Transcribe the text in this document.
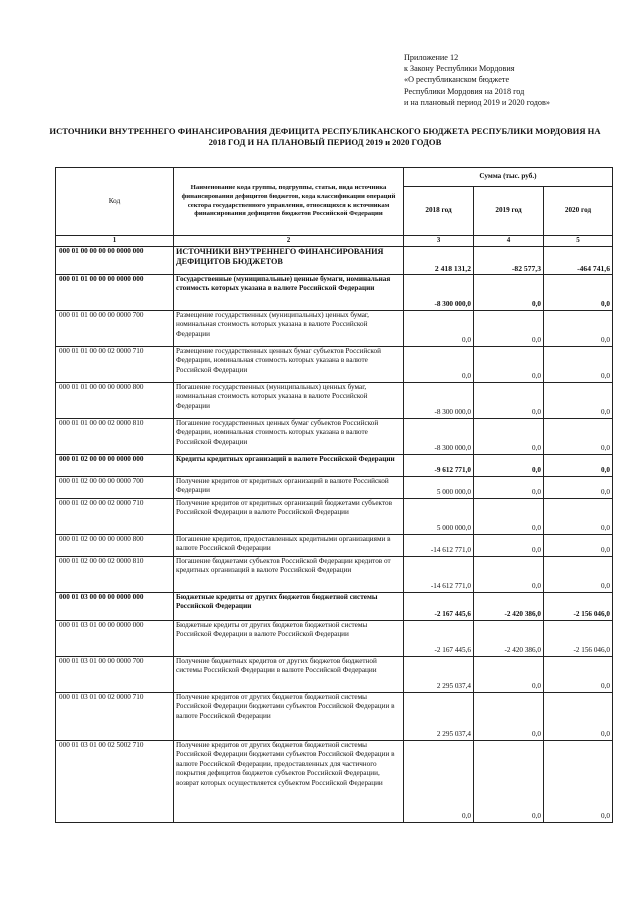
Приложение 12
к Закону Республики Мордовия
«О республиканском бюджете
Республики Мордовия на 2018 год
и на плановый период 2019 и 2020 годов»
ИСТОЧНИКИ ВНУТРЕННЕГО ФИНАНСИРОВАНИЯ ДЕФИЦИТА РЕСПУБЛИКАНСКОГО БЮДЖЕТА РЕСПУБЛИКИ МОРДОВИЯ НА 2018 ГОД И НА ПЛАНОВЫЙ ПЕРИОД 2019 и 2020 ГОДОВ
Код	Наименование кода группы, подгруппы, статьи, вида источника финансирования дефицитов бюджетов, кода классификации операций сектора государственного управления, относящихся к источникам финансирования дефицитов бюджетов Российской Федерации	Сумма (тыс. руб.)		
		2018 год	2019 год	2020 год
1	2	3	4	5
000 01 00 00 00 00 0000 000	ИСТОЧНИКИ ВНУТРЕННЕГО ФИНАНСИРОВАНИЯ ДЕФИЦИТОВ БЮДЖЕТОВ	2 418 131,2	-82 577,3	-464 741,6
000 01 01 00 00 00 0000 000	Государственные (муниципальные) ценные бумаги, номинальная стоимость которых указана в валюте Российской Федерации	-8 300 000,0	0,0	0,0
000 01 01 00 00 00 0000 700	Размещение государственных (муниципальных) ценных бумаг, номинальная стоимость которых указана в валюте Российской Федерации	0,0	0,0	0,0
000 01 01 00 00 02 0000 710	Размещение государственных ценных бумаг субъектов Российской Федерации, номинальная стоимость которых указана в валюте Российской Федерации	0,0	0,0	0,0
000 01 01 00 00 00 0000 800	Погашение государственных (муниципальных) ценных бумаг, номинальная стоимость которых указана в валюте Российской Федерации	-8 300 000,0	0,0	0,0
000 01 01 00 00 02 0000 810	Погашение государственных ценных бумаг субъектов Российской Федерации, номинальная стоимость которых указана в валюте Российской Федерации	-8 300 000,0	0,0	0,0
000 01 02 00 00 00 0000 000	Кредиты кредитных организаций в валюте Российской Федерации	-9 612 771,0	0,0	0,0
000 01 02 00 00 00 0000 700	Получение кредитов от кредитных организаций в валюте Российской Федерации	5 000 000,0	0,0	0,0
000 01 02 00 00 02 0000 710	Получение кредитов от кредитных организаций бюджетами субъектов Российской Федерации в валюте Российской Федерации	5 000 000,0	0,0	0,0
000 01 02 00 00 00 0000 800	Погашение кредитов, предоставленных кредитными организациями в валюте Российской Федерации	-14 612 771,0	0,0	0,0
000 01 02 00 00 02 0000 810	Погашение бюджетами субъектов Российской Федерации кредитов от кредитных организаций в валюте Российской Федерации	-14 612 771,0	0,0	0,0
000 01 03 00 00 00 0000 000	Бюджетные кредиты от других бюджетов бюджетной системы Российской Федерации	-2 167 445,6	-2 420 386,0	-2 156 046,0
000 01 03 01 00 00 0000 000	Бюджетные кредиты от других бюджетов бюджетной системы Российской Федерации в валюте Российской Федерации	-2 167 445,6	-2 420 386,0	-2 156 046,0
000 01 03 01 00 00 0000 700	Получение бюджетных кредитов от других бюджетов бюджетной системы Российской Федерации в валюте Российской Федерации	2 295 037,4	0,0	0,0
000 01 03 01 00 02 0000 710	Получение кредитов от других бюджетов бюджетной системы Российской Федерации бюджетами субъектов Российской Федерации в валюте Российской Федерации	2 295 037,4	0,0	0,0
000 01 03 01 00 02 5002 710	Получение кредитов от других бюджетов бюджетной системы Российской Федерации бюджетами субъектов Российской Федерации в валюте Российской Федерации, предоставленных для частичного покрытия дефицитов бюджетов субъектов Российской Федерации, возврат которых осуществляется субъектом Российской Федерации	0,0	0,0	0,0
